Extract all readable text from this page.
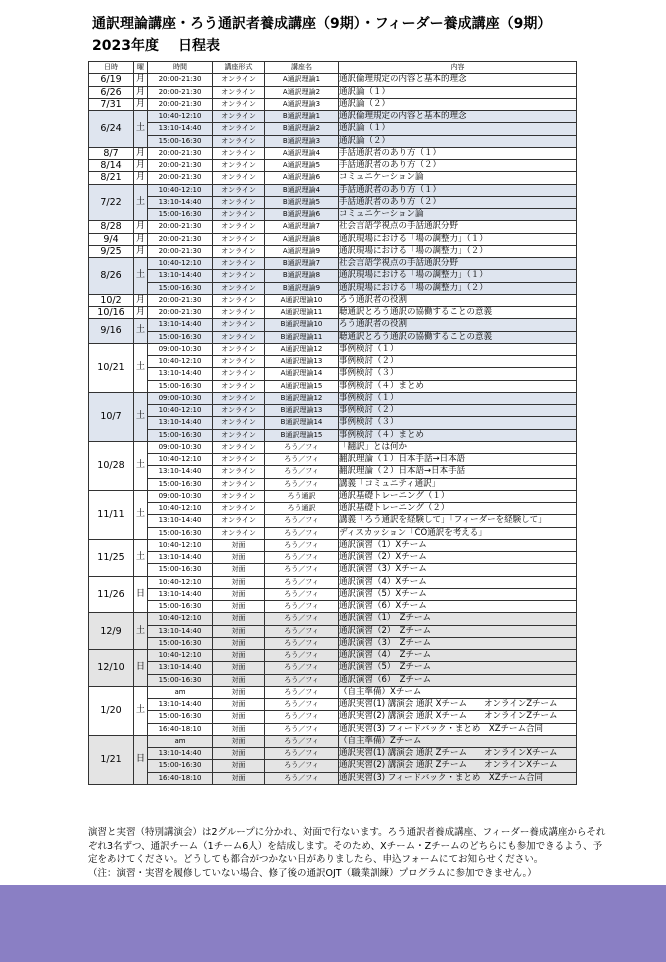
通訳理論講座・ろう通訳者養成講座（9期）・フィーダー養成講座（9期）
2023年度 日程表
日時	曜	時間	講座形式	講座名	内容
6/19	月	20:00-21:30	オンライン	A通訳理論1	通訳倫理規定の内容と基本的理念
6/26	月	20:00-21:30	オンライン	A通訳理論2	通訳論（１）
7/31	月	20:00-21:30	オンライン	A通訳理論3	通訳論（２）
6/24	土	10:40-12:10	オンライン	B通訳理論1	通訳倫理規定の内容と基本的理念
		13:10-14:40	オンライン	B通訳理論2	通訳論（１）
		15:00-16:30	オンライン	B通訳理論3	通訳論（２）
8/7	月	20:00-21:30	オンライン	A通訳理論4	手話通訳者のあり方（１）
8/14	月	20:00-21:30	オンライン	A通訳理論5	手話通訳者のあり方（２）
8/21	月	20:00-21:30	オンライン	A通訳理論6	コミュニケーション論
7/22	土	10:40-12:10	オンライン	B通訳理論4	手話通訳者のあり方（１）
		13:10-14:40	オンライン	B通訳理論5	手話通訳者のあり方（２）
		15:00-16:30	オンライン	B通訳理論6	コミュニケーション論
8/28	月	20:00-21:30	オンライン	A通訳理論7	社会言語学視点の手話通訳分野
9/4	月	20:00-21:30	オンライン	A通訳理論8	通訳現場における「場の調整力」（１）
9/25	月	20:00-21:30	オンライン	A通訳理論9	通訳現場における「場の調整力」（２）
8/26	土	10:40-12:10	オンライン	B通訳理論7	社会言語学視点の手話通訳分野
		13:10-14:40	オンライン	B通訳理論8	通訳現場における「場の調整力」（１）
		15:00-16:30	オンライン	B通訳理論9	通訳現場における「場の調整力」（２）
10/2	月	20:00-21:30	オンライン	A通訳理論10	ろう通訳者の役割
10/16	月	20:00-21:30	オンライン	A通訳理論11	聴通訳とろう通訳の協働することの意義
9/16	土	13:10-14:40	オンライン	B通訳理論10	ろう通訳者の役割
		15:00-16:30	オンライン	B通訳理論11	聴通訳とろう通訳の協働することの意義
10/21	土	09:00-10:30	オンライン	A通訳理論12	事例検討（１）
		10:40-12:10	オンライン	A通訳理論13	事例検討（２）
		13:10-14:40	オンライン	A通訳理論14	事例検討（３）
		15:00-16:30	オンライン	A通訳理論15	事例検討（４）まとめ
10/7	土	09:00-10:30	オンライン	B通訳理論12	事例検討（１）
		10:40-12:10	オンライン	B通訳理論13	事例検討（２）
		13:10-14:40	オンライン	B通訳理論14	事例検討（３）
		15:00-16:30	オンライン	B通訳理論15	事例検討（４）まとめ
10/28	土	09:00-10:30	オンライン	ろう／フィ	「翻訳」とは何か
		10:40-12:10	オンライン	ろう／フィ	翻訳理論（１）日本手話→日本語
		13:10-14:40	オンライン	ろう／フィ	翻訳理論（２）日本語→日本手話
		15:00-16:30	オンライン	ろう／フィ	講義「コミュニティ通訳」
11/11	土	09:00-10:30	オンライン	ろう通訳	通訳基礎トレーニング（１）
		10:40-12:10	オンライン	ろう通訳	通訳基礎トレーニング（２）
		13:10-14:40	オンライン	ろう／フィ	講義「ろう通訳を経験して」「フィーダーを経験して」
		15:00-16:30	オンライン	ろう／フィ	ディスカッション「CO通訳を考える」
11/25	土	10:40-12:10	対面	ろう／フィ	通訳演習（1）Xチーム
		13:10-14:40	対面	ろう／フィ	通訳演習（2）Xチーム
		15:00-16:30	対面	ろう／フィ	通訳演習（3）Xチーム
11/26	日	10:40-12:10	対面	ろう／フィ	通訳演習（4）Xチーム
		13:10-14:40	対面	ろう／フィ	通訳演習（5）Xチーム
		15:00-16:30	対面	ろう／フィ	通訳演習（6）Xチーム
12/9	土	10:40-12:10	対面	ろう／フィ	通訳演習（1）　Zチーム
		13:10-14:40	対面	ろう／フィ	通訳演習（2）　Zチーム
		15:00-16:30	対面	ろう／フィ	通訳演習（3）　Zチーム
12/10	日	10:40-12:10	対面	ろう／フィ	通訳演習（4）　Zチーム
		13:10-14:40	対面	ろう／フィ	通訳演習（5）　Zチーム
		15:00-16:30	対面	ろう／フィ	通訳演習（6）　Zチーム
1/20	土	am	対面	ろう／フィ	（自主準備）Xチーム
		13:10-14:40	対面	ろう／フィ	通訳実習(1) 講演会 通訳 Xチーム　　オンラインZチーム
		15:00-16:30	対面	ろう／フィ	通訳実習(2) 講演会 通訳 Xチーム　　オンラインZチーム
		16:40-18:10	対面	ろう／フィ	通訳実習(3) フィードバック・まとめ　XZチーム合同
1/21	日	am	対面	ろう／フィ	（自主準備）Zチーム
		13:10-14:40	対面	ろう／フィ	通訳実習(1) 講演会 通訳 Zチーム　　オンラインXチーム
		15:00-16:30	対面	ろう／フィ	通訳実習(2) 講演会 通訳 Zチーム　　オンラインXチーム
		16:40-18:10	対面	ろう／フィ	通訳実習(3) フィードバック・まとめ　XZチーム合同
演習と実習（特別講演会）は2グループに分かれ、対面で行ないます。ろう通訳者養成講座、フィーダー養成講座からそれぞれ3名ずつ、通訳チーム（1チーム6人）を結成します。そのため、Xチーム・Zチームのどちらにも参加できるよう、予定をあけてください。どうしても都合がつかない日がありましたら、申込フォームにてお知らせください。
（注：演習・実習を履修していない場合、修了後の通訳OJT（職業訓練）プログラムに参加できません。）
